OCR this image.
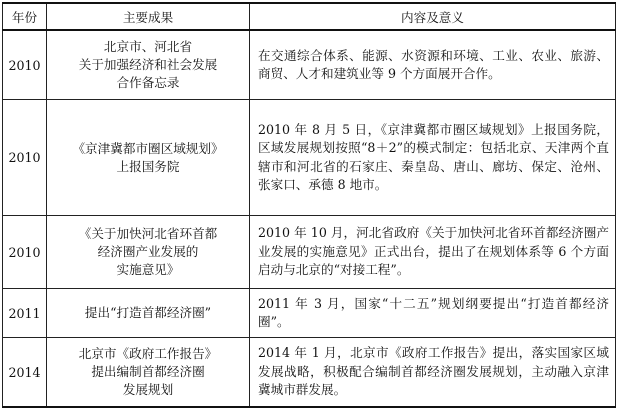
年份	主要成果	内容及意义
2010	北京市、河北省
关于加强经济和社会发展
合作备忘录	在交通综合体系、能源、水资源和环境、工业、农业、旅游、商贸、人才和建筑业等 9 个方面展开合作。
2010	《京津冀都市圈区域规划》
上报国务院	2010 年 8 月 5 日，《京津冀都市圈区域规划》上报国务院，区域发展规划按照“8＋2”的模式制定：包括北京、天津两个直辖市和河北省的石家庄、秦皇岛、唐山、廊坊、保定、沧州、张家口、承德 8 地市。
2010	《关于加快河北省环首都
经济圈产业发展的
实施意见》	2010 年 10 月，河北省政府《关于加快河北省环首都经济圈产业发展的实施意见》正式出台，提出了在规划体系等 6 个方面启动与北京的“对接工程”。
2011	提出“打造首都经济圈”	2011 年 3 月，国家“十二五”规划纲要提出“打造首都经济圈”。
2014	北京市《政府工作报告》
提出编制首都经济圈
发展规划	2014 年 1 月，北京市《政府工作报告》提出，落实国家区域发展战略，积极配合编制首都经济圈发展规划，主动融入京津冀城市群发展。
